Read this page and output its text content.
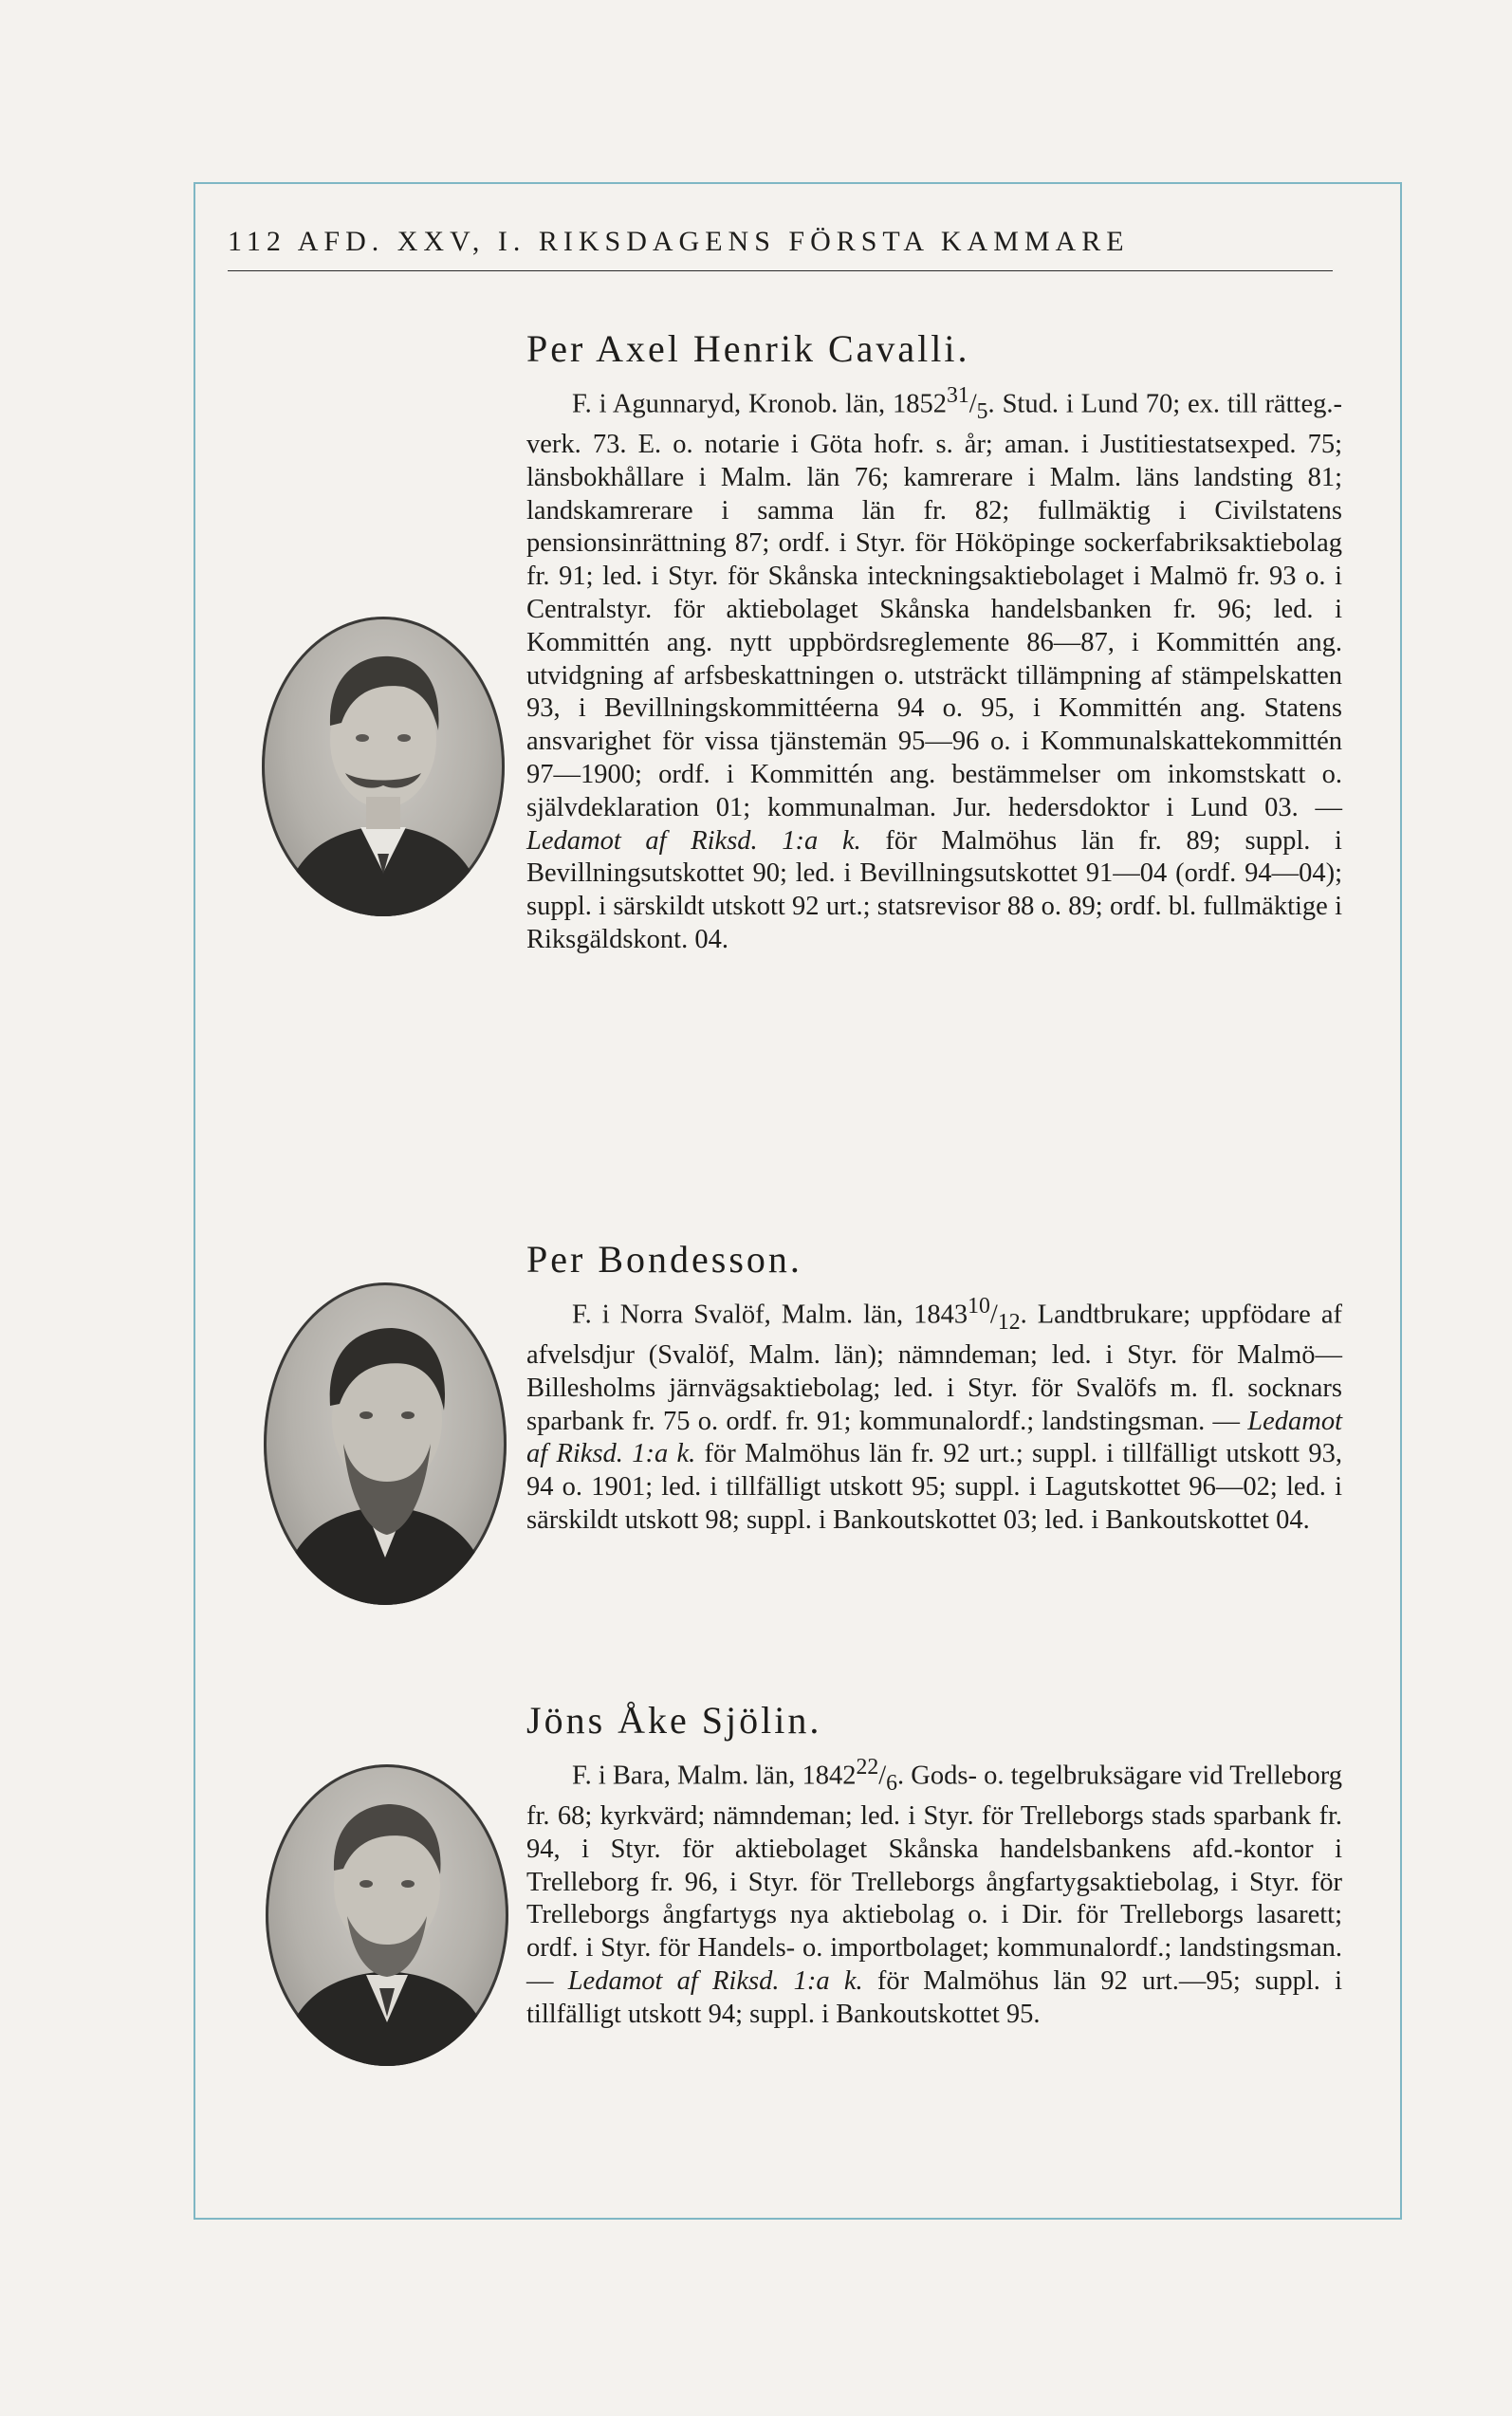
112 AFD. XXV, I. RIKSDAGENS FÖRSTA KAMMARE
Per Axel Henrik Cavalli.

F. i Agunnaryd, Kronob. län, $1852^{31}/_5$. Stud. i Lund 70; ex. till rätteg.-verk. 73. E. o. notarie i Göta hofr. s. år; aman. i Justitiestatsexped. 75; länsbokhållare i Malm. län 76; kamrerare i Malm. läns landsting 81; landskamrerare i samma län fr. 82; fullmäktig i Civilstatens pensionsinrättning 87; ordf. i Styr. för Hököpinge sockerfabriksaktiebolag fr. 91; led. i Styr. för Skånska inteckningsaktiebolaget i Malmö fr. 93 o. i Centralstyr. för aktiebolaget Skånska handelsbanken fr. 96; led. i Kommittén ang. nytt uppbördsreglemente 86—87, i Kommittén ang. utvidgning af arfsbeskattningen o. utsträckt tillämpning af stämpelskatten 93, i Bevillningskommittéerna 94 o. 95, i Kommittén ang. Statens ansvarighet för vissa tjänstemän 95—96 o. i Kommunalskattekommittén 97—1900; ordf. i Kommittén ang. bestämmelser om inkomstskatt o. självdeklaration 01; kommunalman. Jur. hedersdoktor i Lund 03. — Ledamot af Riksd. 1:a k. för Malmöhus län fr. 89; suppl. i Bevillningsutskottet 90; led. i Bevillningsutskottet 91—04 (ordf. 94—04); suppl. i särskildt utskott 92 urt.; statsrevisor 88 o. 89; ordf. bl. fullmäktige i Riksgäldskont. 04.

Per Bondesson.

F. i Norra Svalöf, Malm. län, $1843^{10}/_{12}$. Landtbrukare; uppfödare af afvelsdjur (Svalöf, Malm. län); nämndeman; led. i Styr. för Malmö—Billesholms järnvägsaktiebolag; led. i Styr. för Svalöfs m. fl. socknars sparbank fr. 75 o. ordf. fr. 91; kommunalordf.; landstingsman. — Ledamot af Riksd. 1:a k. för Malmöhus län fr. 92 urt.; suppl. i tillfälligt utskott 93, 94 o. 1901; led. i tillfälligt utskott 95; suppl. i Lagutskottet 96—02; led. i särskildt utskott 98; suppl. i Bankoutskottet 03; led. i Bankoutskottet 04.

Jöns Åke Sjölin.

F. i Bara, Malm. län, $1842^{22}/_6$. Gods- o. tegelbruksägare vid Trelleborg fr. 68; kyrkvärd; nämndeman; led. i Styr. för Trelleborgs stads sparbank fr. 94, i Styr. för aktiebolaget Skånska handelsbankens afd.-kontor i Trelleborg fr. 96, i Styr. för Trelleborgs ångfartygsaktiebolag, i Styr. för Trelleborgs ångfartygs nya aktiebolag o. i Dir. för Trelleborgs lasarett; ordf. i Styr. för Handels- o. importbolaget; kommunalordf.; landstingsman. — Ledamot af Riksd. 1:a k. för Malmöhus län 92 urt.—95; suppl. i tillfälligt utskott 94; suppl. i Bankoutskottet 95.
